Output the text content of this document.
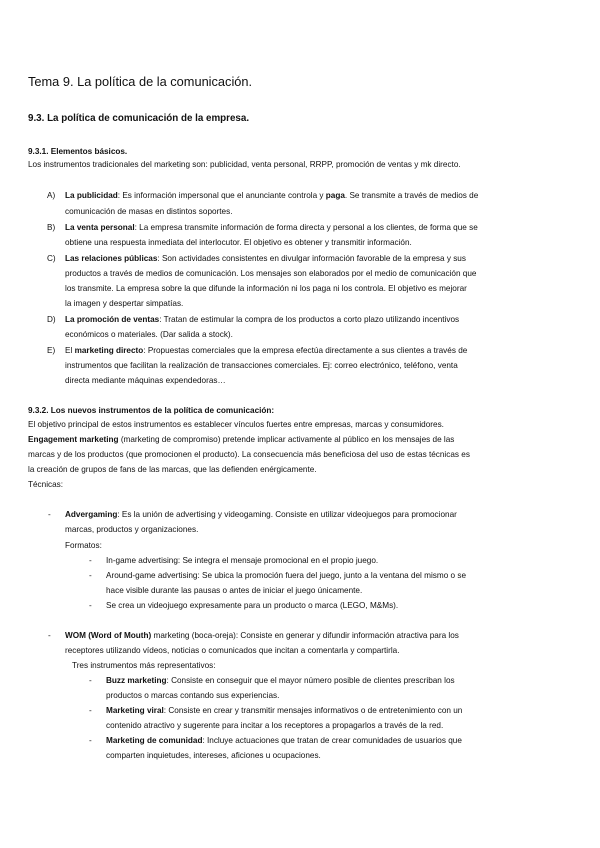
Tema 9. La política de la comunicación.
9.3. La política de comunicación de la empresa.
9.3.1. Elementos básicos.
Los instrumentos tradicionales del marketing son: publicidad, venta personal, RRPP, promoción de ventas y mk directo.
A) La publicidad: Es información impersonal que el anunciante controla y paga. Se transmite a través de medios de
comunicación de masas en distintos soportes.
B) La venta personal: La empresa transmite información de forma directa y personal a los clientes, de forma que se
obtiene una respuesta inmediata del interlocutor. El objetivo es obtener y transmitir información.
C) Las relaciones públicas: Son actividades consistentes en divulgar información favorable de la empresa y sus
productos a través de medios de comunicación. Los mensajes son elaborados por el medio de comunicación que
los transmite. La empresa sobre la que difunde la información ni los paga ni los controla. El objetivo es mejorar
la imagen y despertar simpatías.
D) La promoción de ventas: Tratan de estimular la compra de los productos a corto plazo utilizando incentivos
económicos o materiales. (Dar salida a stock).
E) El marketing directo: Propuestas comerciales que la empresa efectúa directamente a sus clientes a través de
instrumentos que facilitan la realización de transacciones comerciales. Ej: correo electrónico, teléfono, venta
directa mediante máquinas expendedoras…
9.3.2. Los nuevos instrumentos de la política de comunicación:
El objetivo principal de estos instrumentos es establecer vínculos fuertes entre empresas, marcas y consumidores.
Engagement marketing (marketing de compromiso) pretende implicar activamente al público en los mensajes de las
marcas y de los productos (que promocionen el producto). La consecuencia más beneficiosa del uso de estas técnicas es
la creación de grupos de fans de las marcas, que las defienden enérgicamente.
Técnicas:
- Advergaming: Es la unión de advertising y videogaming. Consiste en utilizar videojuegos para promocionar
marcas, productos y organizaciones.
Formatos:
- In-game advertising: Se integra el mensaje promocional en el propio juego.
- Around-game advertising: Se ubica la promoción fuera del juego, junto a la ventana del mismo o se
hace visible durante las pausas o antes de iniciar el juego únicamente.
- Se crea un videojuego expresamente para un producto o marca (LEGO, M&Ms).
- WOM (Word of Mouth) marketing (boca-oreja): Consiste en generar y difundir información atractiva para los
receptores utilizando vídeos, noticias o comunicados que incitan a comentarla y compartirla.
Tres instrumentos más representativos:
- Buzz marketing: Consiste en conseguir que el mayor número posible de clientes prescriban los
productos o marcas contando sus experiencias.
- Marketing viral: Consiste en crear y transmitir mensajes informativos o de entretenimiento con un
contenido atractivo y sugerente para incitar a los receptores a propagarlos a través de la red.
- Marketing de comunidad: Incluye actuaciones que tratan de crear comunidades de usuarios que
comparten inquietudes, intereses, aficiones u ocupaciones.
